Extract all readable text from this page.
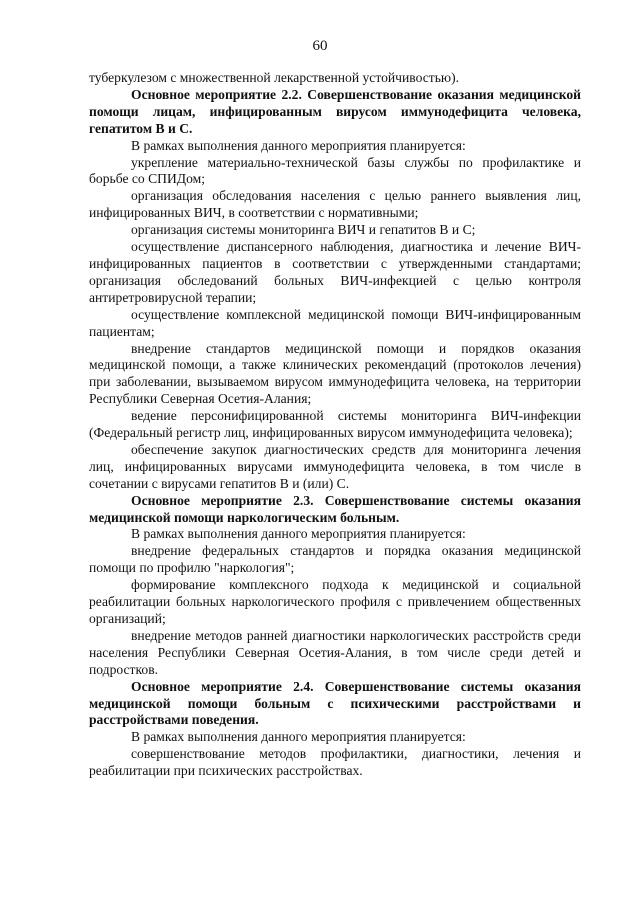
60

туберкулезом с множественной лекарственной устойчивостью).

Основное мероприятие 2.2. Совершенствование оказания медицинской помощи лицам, инфицированным вирусом иммунодефицита человека, гепатитом В и С.

В рамках выполнения данного мероприятия планируется:

укрепление материально-технической базы службы по профилактике и борьбе со СПИДом;

организация обследования населения с целью раннего выявления лиц, инфицированных ВИЧ, в соответствии с нормативными;

организация системы мониторинга ВИЧ и гепатитов В и С;

осуществление диспансерного наблюдения, диагностика и лечение ВИЧ-инфицированных пациентов в соответствии с утвержденными стандартами; организация обследований больных ВИЧ-инфекцией с целью контроля антиретровирусной терапии;

осуществление комплексной медицинской помощи ВИЧ-инфицированным пациентам;

внедрение стандартов медицинской помощи и порядков оказания медицинской помощи, а также клинических рекомендаций (протоколов лечения) при заболевании, вызываемом вирусом иммунодефицита человека, на территории Республики Северная Осетия-Алания;

ведение персонифицированной системы мониторинга ВИЧ-инфекции (Федеральный регистр лиц, инфицированных вирусом иммунодефицита человека);

обеспечение закупок диагностических средств для мониторинга лечения лиц, инфицированных вирусами иммунодефицита человека, в том числе в сочетании с вирусами гепатитов В и (или) С.

Основное мероприятие 2.3. Совершенствование системы оказания медицинской помощи наркологическим больным.

В рамках выполнения данного мероприятия планируется:

внедрение федеральных стандартов и порядка оказания медицинской помощи по профилю "наркология";

формирование комплексного подхода к медицинской и социальной реабилитации больных наркологического профиля с привлечением общественных организаций;

внедрение методов ранней диагностики наркологических расстройств среди населения Республики Северная Осетия-Алания, в том числе среди детей и подростков.

Основное мероприятие 2.4. Совершенствование системы оказания медицинской помощи больным с психическими расстройствами и расстройствами поведения.

В рамках выполнения данного мероприятия планируется:

совершенствование методов профилактики, диагностики, лечения и реабилитации при психических расстройствах.
